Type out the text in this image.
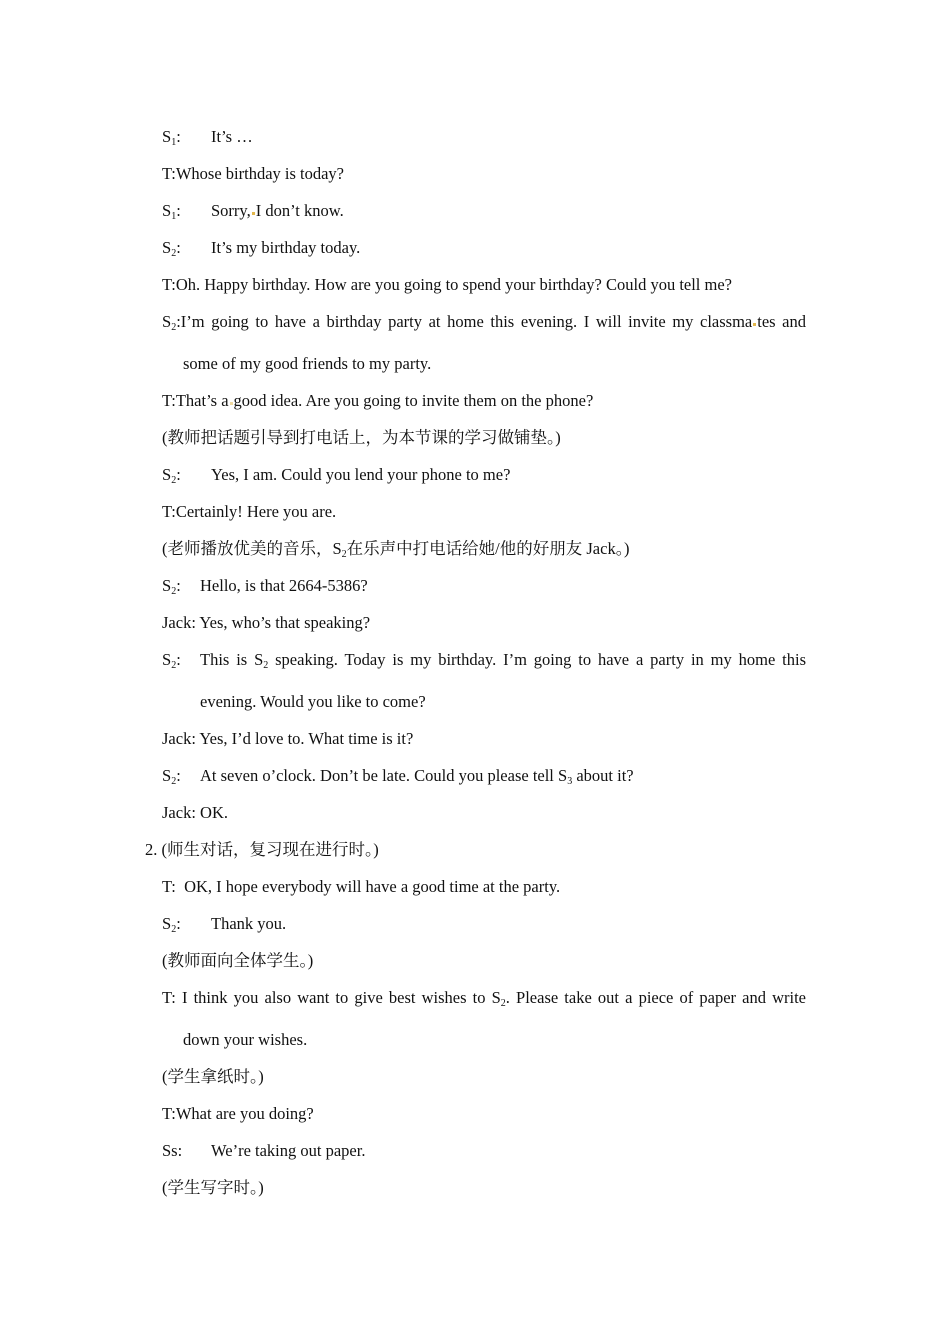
$S_1$: It’s …
T:Whose birthday is today?
$S_1$: Sorry, I don’t know.
$S_2$: It’s my birthday today.
T:Oh. Happy birthday. How are you going to spend your birthday? Could you tell me?
$S_2:I’m$ going to have a birthday party at home this evening. I will invite my classma tes and
some of my good friends to my party.
T:That’s a good idea. Are you going to invite them on the phone?
(教师把话题引导到打电话上，为本节课的学习做铺垫。)
$S_2$: Yes, I am. Could you lend your phone to me?
T:Certainly! Here you are.
(老师播放优美的音乐，$S_2$在乐声中打电话给她/他的好朋友 Jack。)
$S_2$: Hello, is that 2664-5386?
Jack: Yes, who’s that speaking?
$S_2$: This is $S_2$ speaking. Today is my birthday. I’m going to have a party in my home this
evening. Would you like to come?
Jack: Yes, I’d love to. What time is it?
$S_2$: At seven o’clock. Don’t be late. Could you please tell $S_3$ about it?
Jack: OK.
2. (师生对话，复习现在进行时。)
T:  OK, I hope everybody will have a good time at the party.
$S_2$: Thank you.
(教师面向全体学生。)
T: I think you also want to give best wishes to $S_2$. Please take out a piece of paper and write
down your wishes.
(学生拿纸时。)
T:What are you doing?
Ss: We’re taking out paper.
(学生写字时。)
